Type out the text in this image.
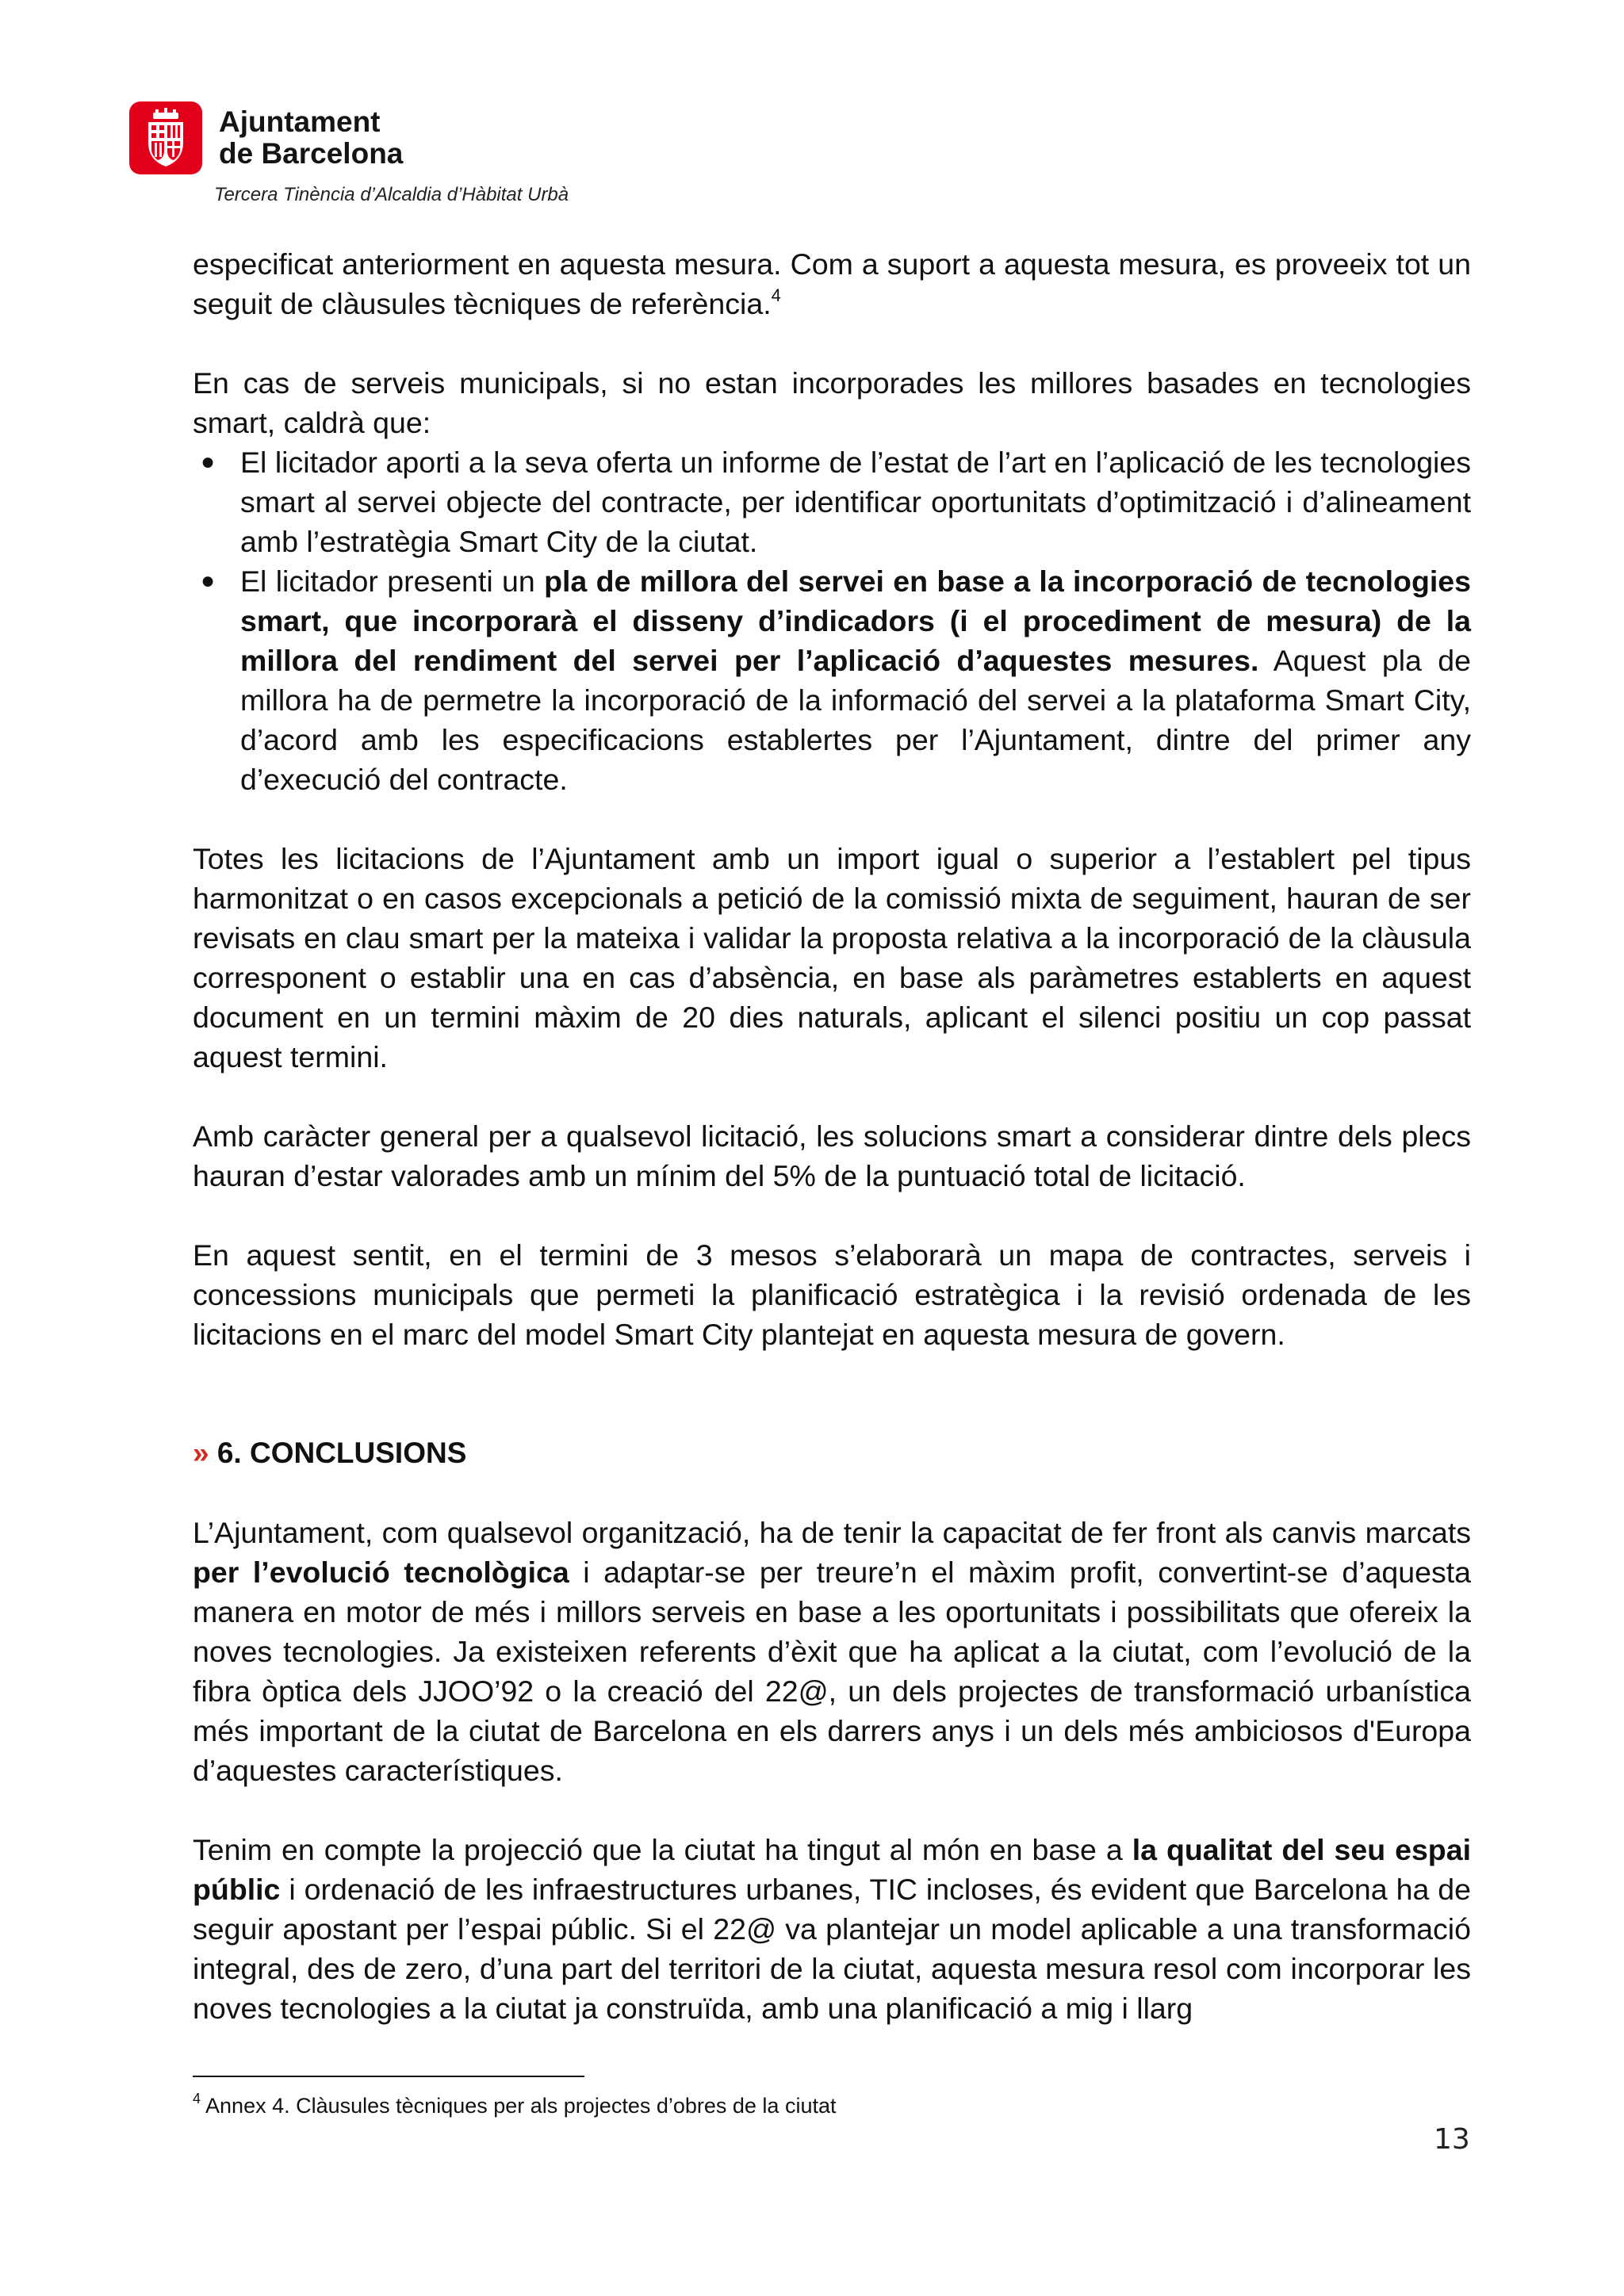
Ajuntament
de Barcelona
Tercera Tinència d’Alcaldia d’Hàbitat Urbà

especificat anteriorment en aquesta mesura. Com a suport a aquesta mesura, es proveeix tot un seguit de clàusules tècniques de referència.$^4$

En cas de serveis municipals, si no estan incorporades les millores basades en tecnologies smart, caldrà que:

● El licitador aporti a la seva oferta un informe de l’estat de l’art en l’aplicació de les tecnologies smart al servei objecte del contracte, per identificar oportunitats d’optimització i d’alineament amb l’estratègia Smart City de la ciutat.
● El licitador presenti un pla de millora del servei en base a la incorporació de tecnologies smart, que incorporarà el disseny d’indicadors (i el procediment de mesura) de la millora del rendiment del servei per l’aplicació d’aquestes mesures. Aquest pla de millora ha de permetre la incorporació de la informació del servei a la plataforma Smart City, d’acord amb les especificacions establertes per l’Ajuntament, dintre del primer any d’execució del contracte.

Totes les licitacions de l’Ajuntament amb un import igual o superior a l’establert pel tipus harmonitzat o en casos excepcionals a petició de la comissió mixta de seguiment, hauran de ser revisats en clau smart per la mateixa i validar la proposta relativa a la incorporació de la clàusula corresponent o establir una en cas d’absència, en base als paràmetres establerts en aquest document en un termini màxim de 20 dies naturals, aplicant el silenci positiu un cop passat aquest termini.

Amb caràcter general per a qualsevol licitació, les solucions smart a considerar dintre dels plecs hauran d’estar valorades amb un mínim del 5% de la puntuació total de licitació.

En aquest sentit, en el termini de 3 mesos s’elaborarà un mapa de contractes, serveis i concessions municipals que permeti la planificació estratègica i la revisió ordenada de les licitacions en el marc del model Smart City plantejat en aquesta mesura de govern.

» 6. CONCLUSIONS

L’Ajuntament, com qualsevol organització, ha de tenir la capacitat de fer front als canvis marcats per l’evolució tecnològica i adaptar-se per treure’n el màxim profit, convertint-se d’aquesta manera en motor de més i millors serveis en base a les oportunitats i possibilitats que ofereix la noves tecnologies. Ja existeixen referents d’èxit que ha aplicat a la ciutat, com l’evolució de la fibra òptica dels JJOO’92 o la creació del 22@, un dels projectes de transformació urbanística més important de la ciutat de Barcelona en els darrers anys i un dels més ambiciosos d'Europa d’aquestes característiques.

Tenim en compte la projecció que la ciutat ha tingut al món en base a la qualitat del seu espai públic i ordenació de les infraestructures urbanes, TIC incloses, és evident que Barcelona ha de seguir apostant per l’espai públic. Si el 22@ va plantejar un model aplicable a una transformació integral, des de zero, d’una part del territori de la ciutat, aquesta mesura resol com incorporar les noves tecnologies a la ciutat ja construïda, amb una planificació a mig i llarg

$^4$ Annex 4. Clàusules tècniques per als projectes d’obres de la ciutat
13
